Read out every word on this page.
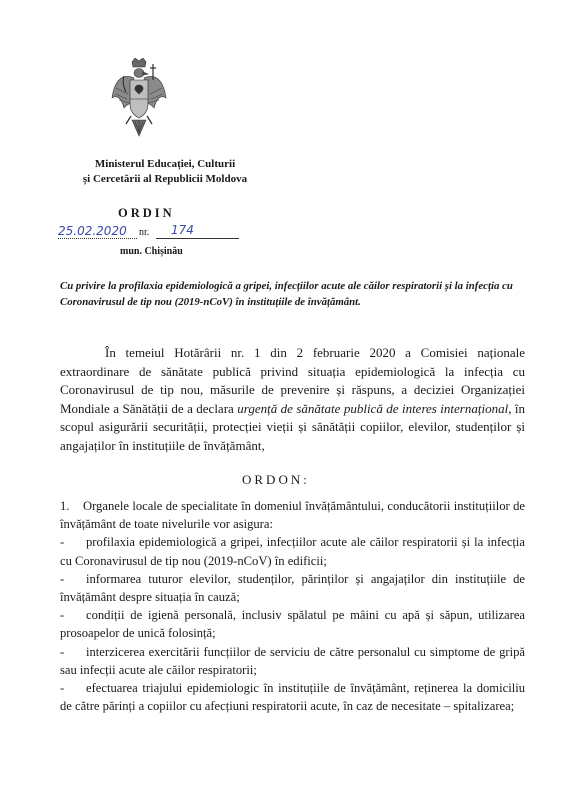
Ministerul Educației, Culturii
și Cercetării al Republicii Moldova
ORDIN
25.02.2020 nr. 174
mun. Chișinău
Cu privire la profilaxia epidemiologică a gripei, infecțiilor acute ale căilor respiratorii și la infecția cu Coronavirusul de tip nou (2019-nCoV) în instituțiile de învățământ.
În temeiul Hotărârii nr. 1 din 2 februarie 2020 a Comisiei naționale extraordinare de sănătate publică privind situația epidemiologică la infecția cu Coronavirusul de tip nou, măsurile de prevenire și răspuns, a deciziei Organizației Mondiale a Sănătății de a declara urgență de sănătate publică de interes internațional, în scopul asigurării securității, protecției vieții și sănătății copiilor, elevilor, studenților și angajaților în instituțiile de învățământ,
ORDON:

1. Organele locale de specialitate în domeniul învățământului, conducătorii instituțiilor de învățământ de toate nivelurile vor asigura:

- profilaxia epidemiologică a gripei, infecțiilor acute ale căilor respiratorii și la infecția cu Coronavirusul de tip nou (2019-nCoV) în edificii;

- informarea tuturor elevilor, studenților, părinților și angajaților din instituțiile de învățământ despre situația în cauză;

- condiții de igienă personală, inclusiv spălatul pe mâini cu apă și săpun, utilizarea prosoapelor de unică folosință;

- interzicerea exercitării funcțiilor de serviciu de către personalul cu simptome de gripă sau infecții acute ale căilor respiratorii;

- efectuarea triajului epidemiologic în instituțiile de învățământ, reținerea la domiciliu de către părinți a copiilor cu afecțiuni respiratorii acute, în caz de necesitate – spitalizarea;
